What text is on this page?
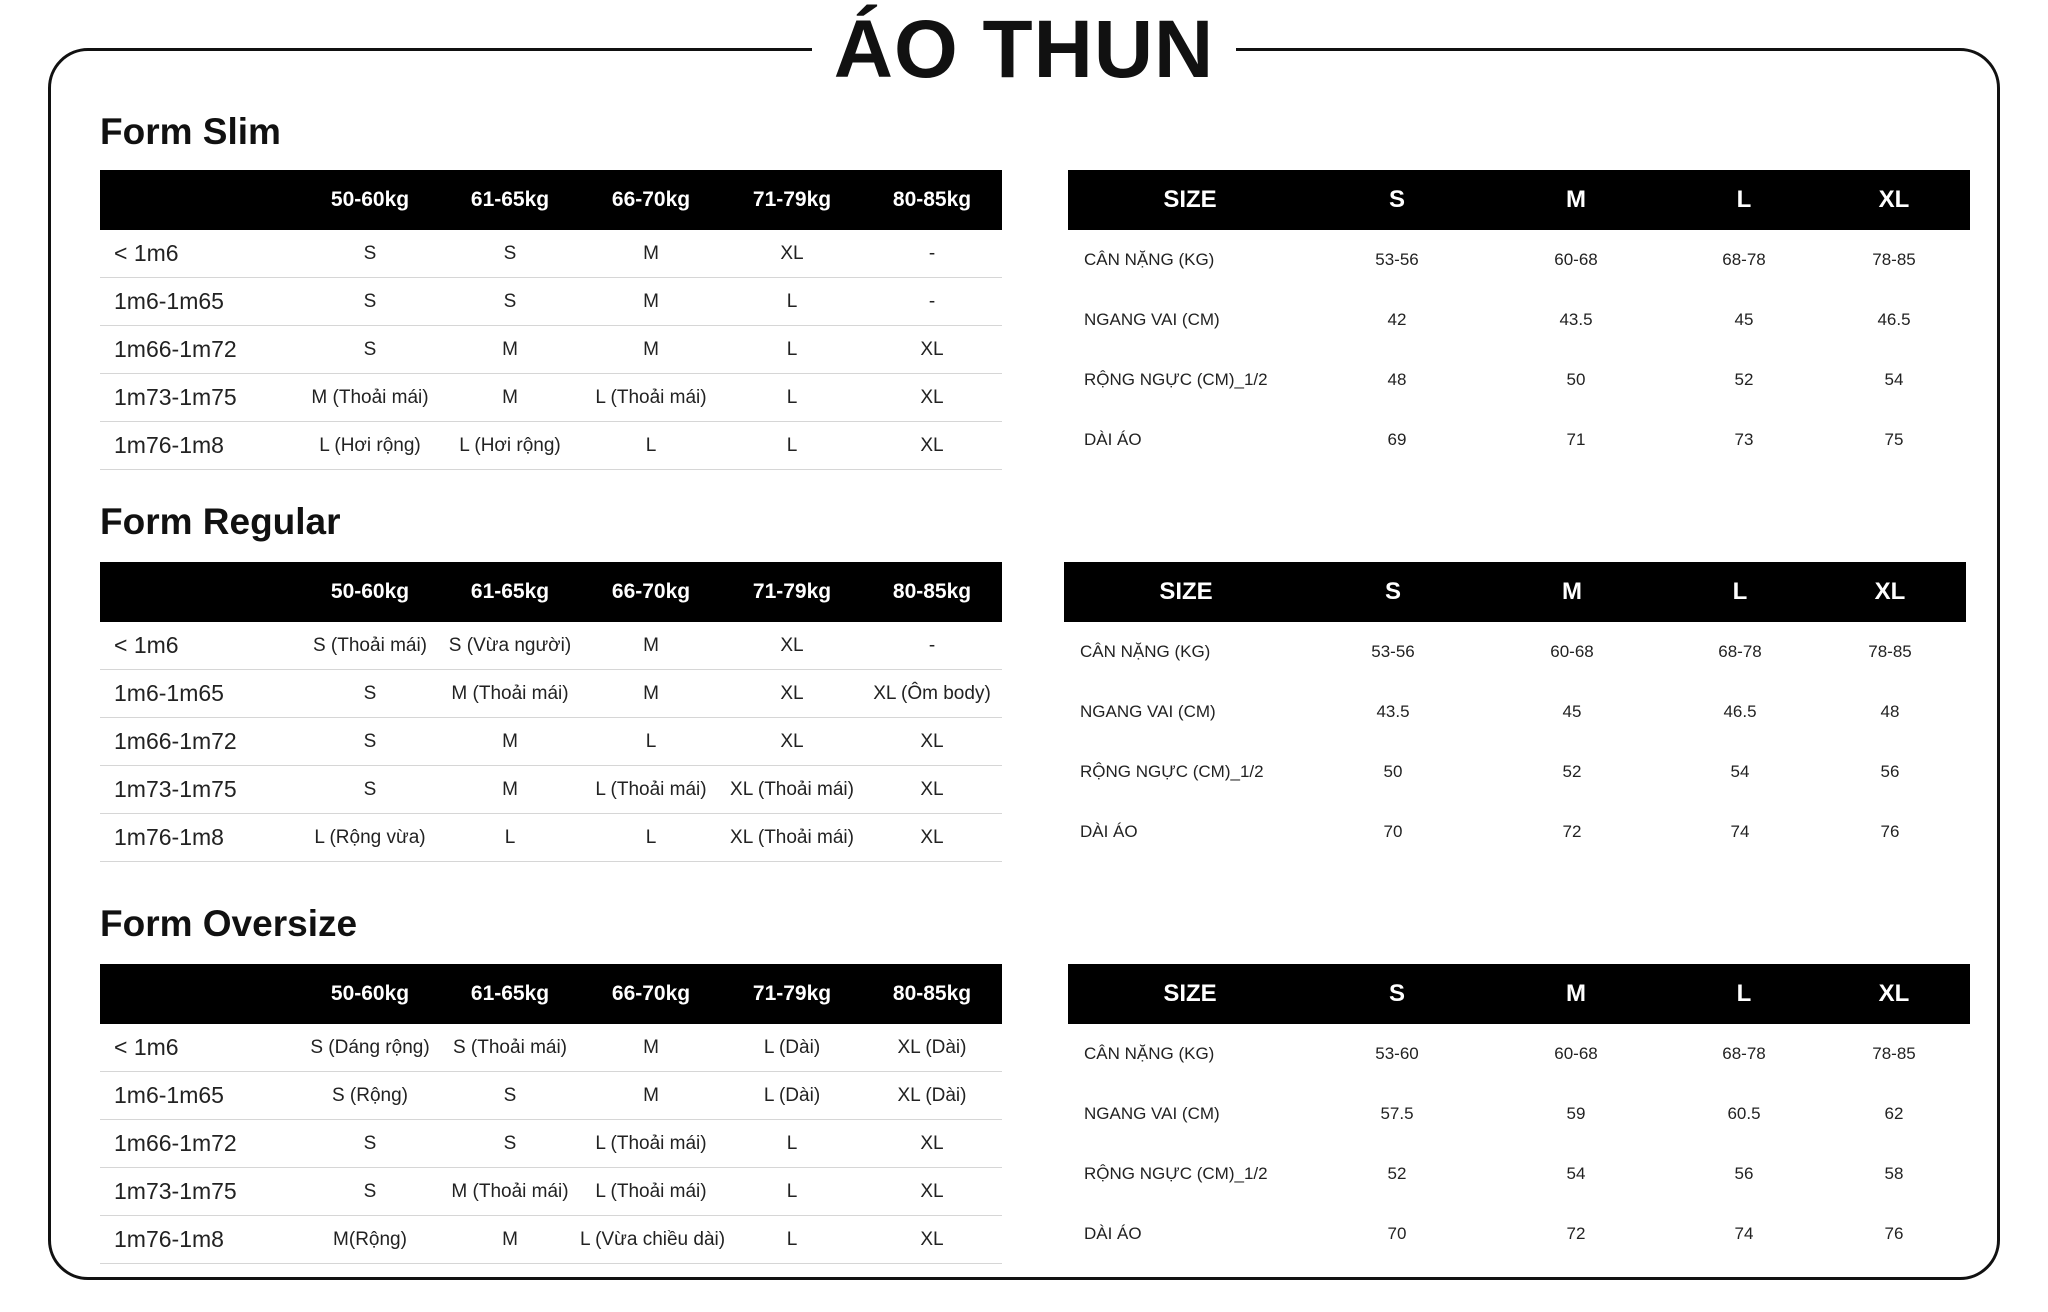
ÁO THUN
Form Slim
	50-60kg	61-65kg	66-70kg	71-79kg	80-85kg
< 1m6	S	S	M	XL	-
1m6-1m65	S	S	M	L	-
1m66-1m72	S	M	M	L	XL
1m73-1m75	M (Thoải mái)	M	L (Thoải mái)	L	XL
1m76-1m8	L (Hơi rộng)	L (Hơi rộng)	L	L	XL
SIZE	S	M	L	XL
CÂN NẶNG (KG)	53-56	60-68	68-78	78-85
NGANG VAI (CM)	42	43.5	45	46.5
RỘNG NGỰC (CM)_1/2	48	50	52	54
DÀI ÁO	69	71	73	75
Form Regular
	50-60kg	61-65kg	66-70kg	71-79kg	80-85kg
< 1m6	S (Thoải mái)	S (Vừa người)	M	XL	-
1m6-1m65	S	M (Thoải mái)	M	XL	XL (Ôm body)
1m66-1m72	S	M	L	XL	XL
1m73-1m75	S	M	L (Thoải mái)	XL (Thoải mái)	XL
1m76-1m8	L (Rộng vừa)	L	L	XL (Thoải mái)	XL
SIZE	S	M	L	XL
CÂN NẶNG (KG)	53-56	60-68	68-78	78-85
NGANG VAI (CM)	43.5	45	46.5	48
RỘNG NGỰC (CM)_1/2	50	52	54	56
DÀI ÁO	70	72	74	76
Form Oversize
	50-60kg	61-65kg	66-70kg	71-79kg	80-85kg
< 1m6	S (Dáng rộng)	S (Thoải mái)	M	L (Dài)	XL (Dài)
1m6-1m65	S (Rộng)	S	M	L (Dài)	XL (Dài)
1m66-1m72	S	S	L (Thoải mái)	L	XL
1m73-1m75	S	M (Thoải mái)	L (Thoải mái)	L	XL
1m76-1m8	M(Rộng)	M	L (Vừa chiều dài)	L	XL
SIZE	S	M	L	XL
CÂN NẶNG (KG)	53-60	60-68	68-78	78-85
NGANG VAI (CM)	57.5	59	60.5	62
RỘNG NGỰC (CM)_1/2	52	54	56	58
DÀI ÁO	70	72	74	76
